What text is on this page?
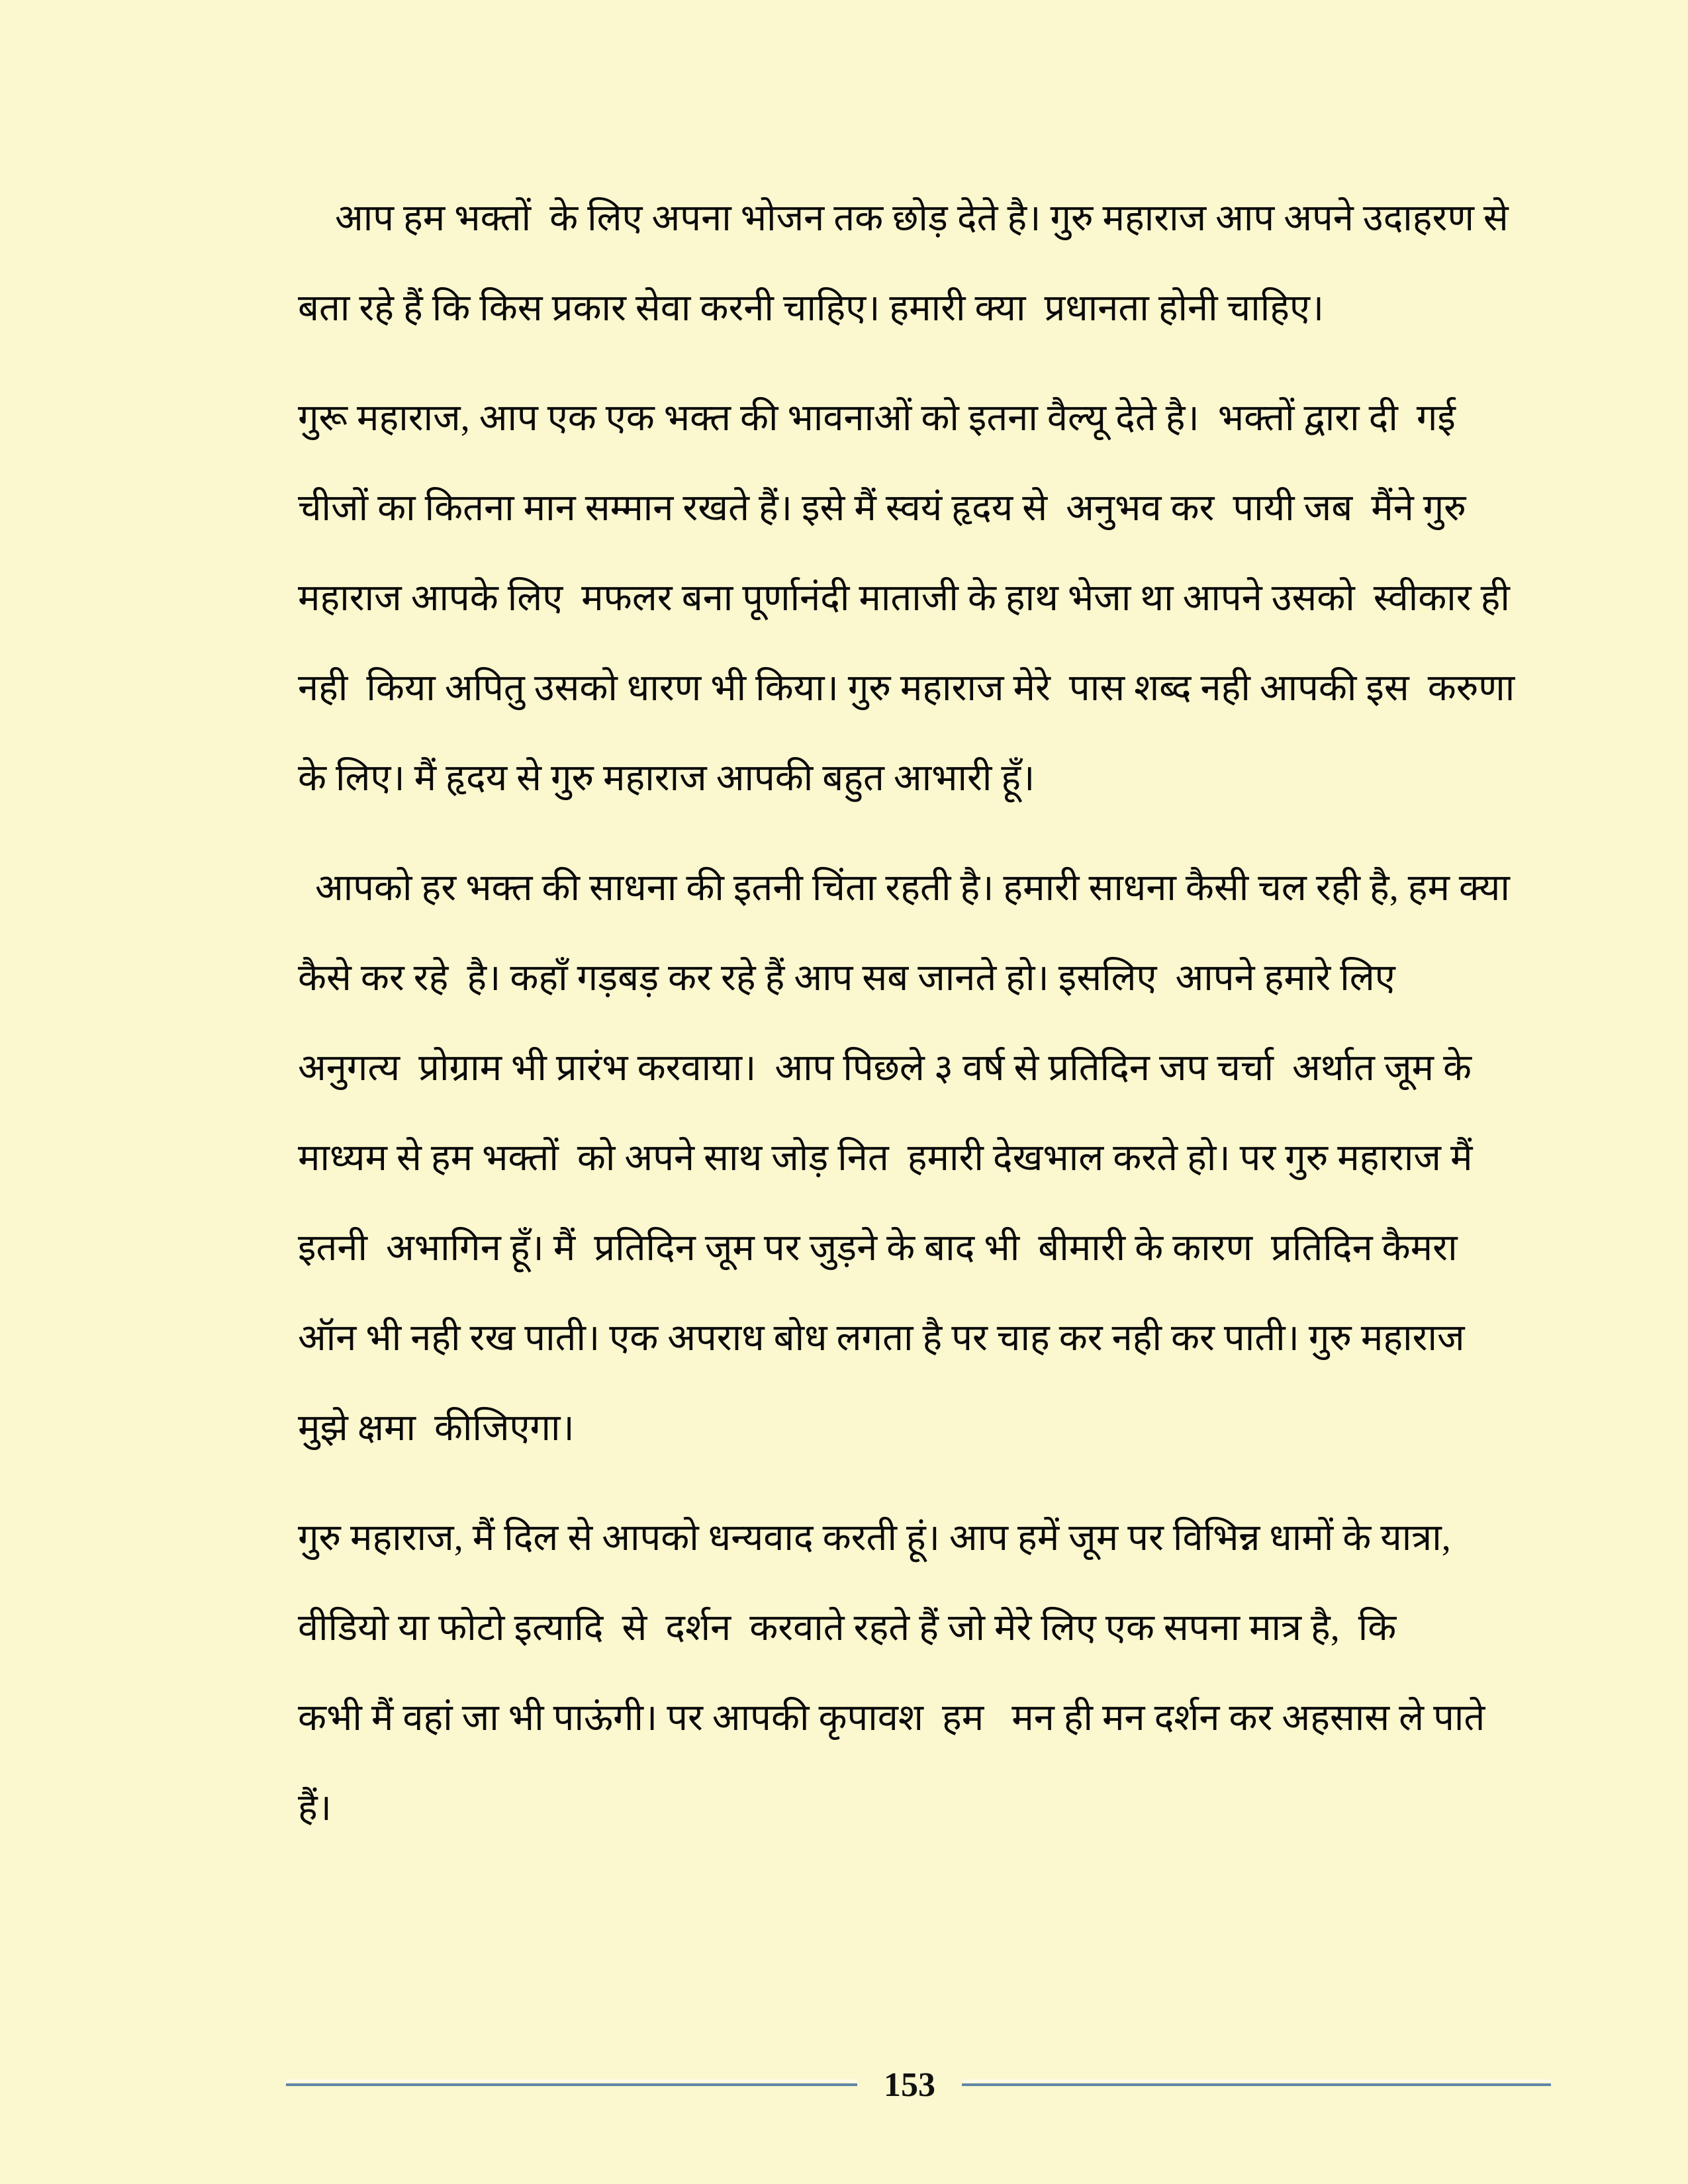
आप हम भक्तों  के लिए अपना भोजन तक छोड़ देते है। गुरु महाराज आप अपने उदाहरण से
बता रहे हैं कि किस प्रकार सेवा करनी चाहिए। हमारी क्या  प्रधानता होनी चाहिए।
गुरू महाराज, आप एक एक भक्त की भावनाओं को इतना वैल्यू देते है।  भक्तों द्वारा दी  गई
चीजों का कितना मान सम्मान रखते हैं। इसे मैं स्वयं हृदय से  अनुभव कर  पायी जब  मैंने गुरु
महाराज आपके लिए  मफलर बना पूर्णानंदी माताजी के हाथ भेजा था आपने उसको  स्वीकार ही
नही  किया अपितु उसको धारण भी किया। गुरु महाराज मेरे  पास शब्द नही आपकी इस  करुणा
के लिए। मैं हृदय से गुरु महाराज आपकी बहुत आभारी हूँ।
आपको हर भक्त की साधना की इतनी चिंता रहती है। हमारी साधना कैसी चल रही है, हम क्या
कैसे कर रहे  है। कहाँ गड़बड़ कर रहे हैं आप सब जानते हो। इसलिए  आपने हमारे लिए
अनुगत्य  प्रोग्राम भी प्रारंभ करवाया।  आप पिछले ३ वर्ष से प्रतिदिन जप चर्चा  अर्थात जूम के
माध्यम से हम भक्तों  को अपने साथ जोड़ नित  हमारी देखभाल करते हो। पर गुरु महाराज मैं
इतनी  अभागिन हूँ। मैं  प्रतिदिन जूम पर जुड़ने के बाद भी  बीमारी के कारण  प्रतिदिन कैमरा
ऑन भी नही रख पाती। एक अपराध बोध लगता है पर चाह कर नही कर पाती। गुरु महाराज
मुझे क्षमा  कीजिएगा।
गुरु महाराज, मैं दिल से आपको धन्यवाद करती हूं। आप हमें जूम पर विभिन्न धामों के यात्रा,
वीडियो या फोटो इत्यादि  से  दर्शन  करवाते रहते हैं जो मेरे लिए एक सपना मात्र है,  कि
कभी मैं वहां जा भी पाऊंगी। पर आपकी कृपावश  हम   मन ही मन दर्शन कर अहसास ले पाते
हैं।
153
